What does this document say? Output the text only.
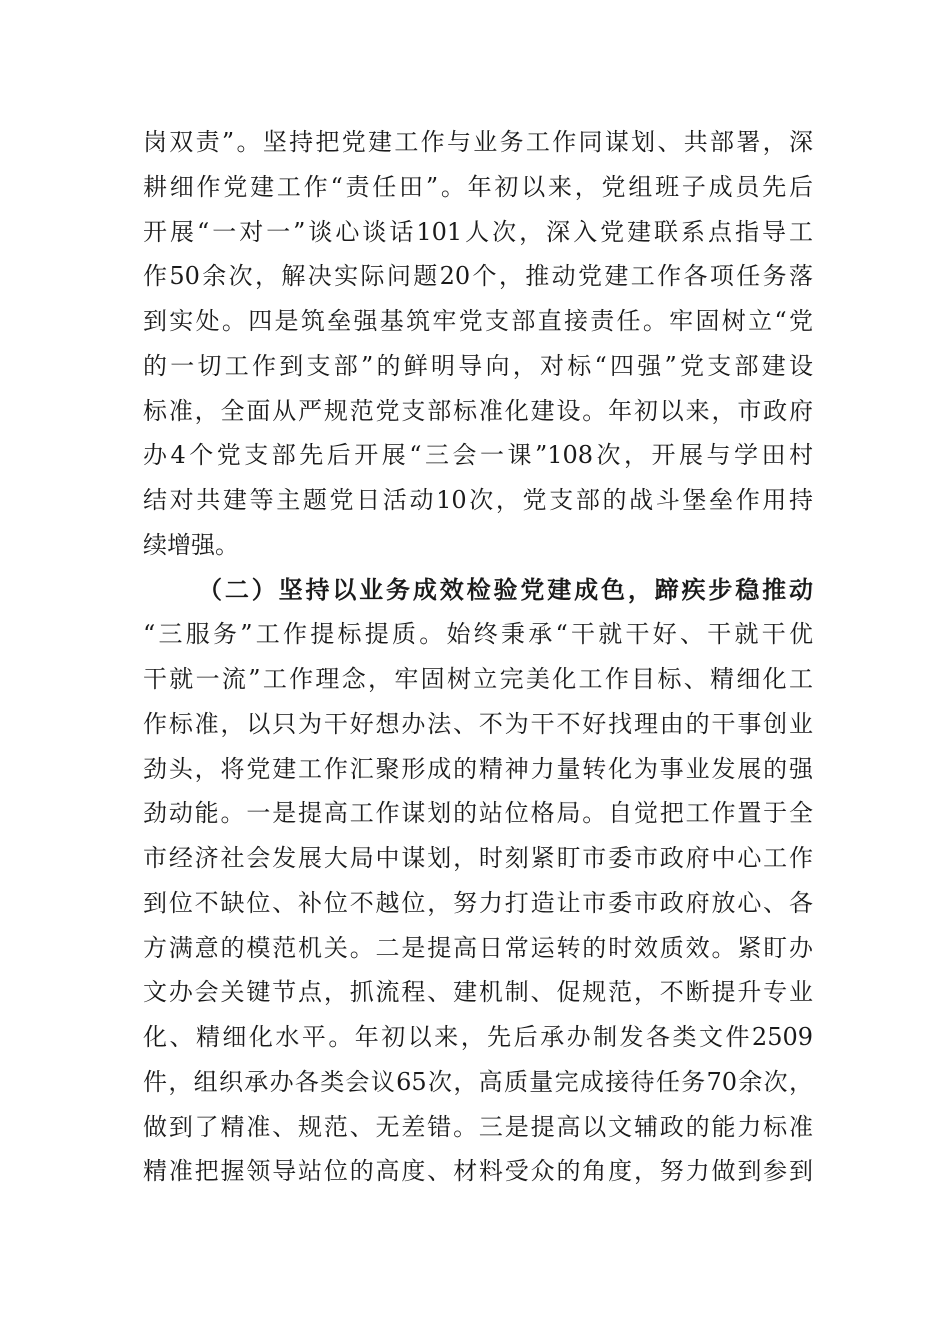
岗双责”。坚持把党建工作与业务工作同谋划、共部署，深
耕细作党建工作“责任田”。年初以来，党组班子成员先后
开展“一对一”谈心谈话101人次，深入党建联系点指导工
作50余次，解决实际问题20个，推动党建工作各项任务落
到实处。四是筑垒强基筑牢党支部直接责任。牢固树立“党
的一切工作到支部”的鲜明导向，对标“四强”党支部建设
标准，全面从严规范党支部标准化建设。年初以来，市政府
办4个党支部先后开展“三会一课”108次，开展与学田村
结对共建等主题党日活动10次，党支部的战斗堡垒作用持
续增强。
（二）坚持以业务成效检验党建成色，蹄疾步稳推动
“三服务”工作提标提质。始终秉承“干就干好、干就干优
干就一流”工作理念，牢固树立完美化工作目标、精细化工
作标准，以只为干好想办法、不为干不好找理由的干事创业
劲头，将党建工作汇聚形成的精神力量转化为事业发展的强
劲动能。一是提高工作谋划的站位格局。自觉把工作置于全
市经济社会发展大局中谋划，时刻紧盯市委市政府中心工作
到位不缺位、补位不越位，努力打造让市委市政府放心、各
方满意的模范机关。二是提高日常运转的时效质效。紧盯办
文办会关键节点，抓流程、建机制、促规范，不断提升专业
化、精细化水平。年初以来，先后承办制发各类文件2509
件，组织承办各类会议65次，高质量完成接待任务70余次，
做到了精准、规范、无差错。三是提高以文辅政的能力标准
精准把握领导站位的高度、材料受众的角度，努力做到参到
